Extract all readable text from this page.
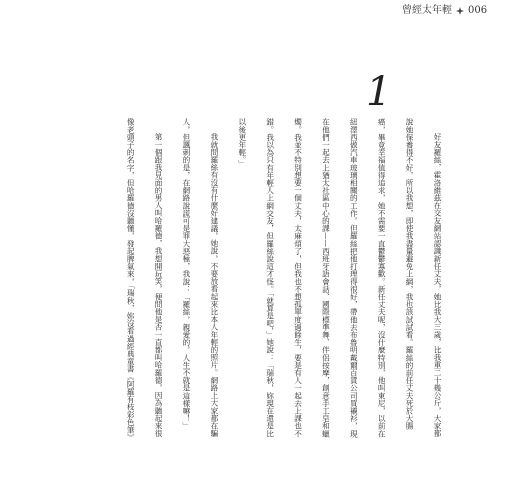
曾經太年輕 006
1
好友羅絲，霍洛維茲在交友網站認識新任丈夫，她比我大三歲，比我重二十幾公斤，大家都
說她保養得不好，所以我想，即使我盡量避免上網，我也該試試看。羅絲的前任丈夫死於大腸
癌，畢竟幸福值得追求，她不需要一直鬱鬱寡歡。新任丈夫呢，沒什麼特別，他叫東尼，以前在
紐澤西做汽車玻璃相關的工作。但羅絲把他打理得很好，帶他去布魯明戴爾百貨公司買襯衫，現
在他們一起去上猶太社區中心的課——西班牙語會話、國際標準舞、伴侶按摩，創意手工皂和蠟
燭。我並不特別想要一個丈夫，太麻煩了，但我也不想孤單度過餘生，要是有人一起去上課也不
錯。我以為只有年輕人上網交友，但羅絲說這才怪。「就算是吧，」她說：「瑞秋，妳現在還是比
以後更年輕。」
我就問羅絲有沒有什麼好建議，她說，不要放看起來比本人年輕的照片。網路上大家都在騙
人，但諷刺的是，在網路說謊可是罪大惡極，我說：「羅絲，親愛的，人生不就是這樣嘛！」
第一個跟我見面的男人叫哈羅德，我想開玩笑，便問他是否一直都叫哈羅德，因為聽起來很
像老頭子的名字，但哈羅德沒聽懂，發起脾氣來，「瑞秋，妳沒看過經典童書《阿羅有枝彩色筆》
